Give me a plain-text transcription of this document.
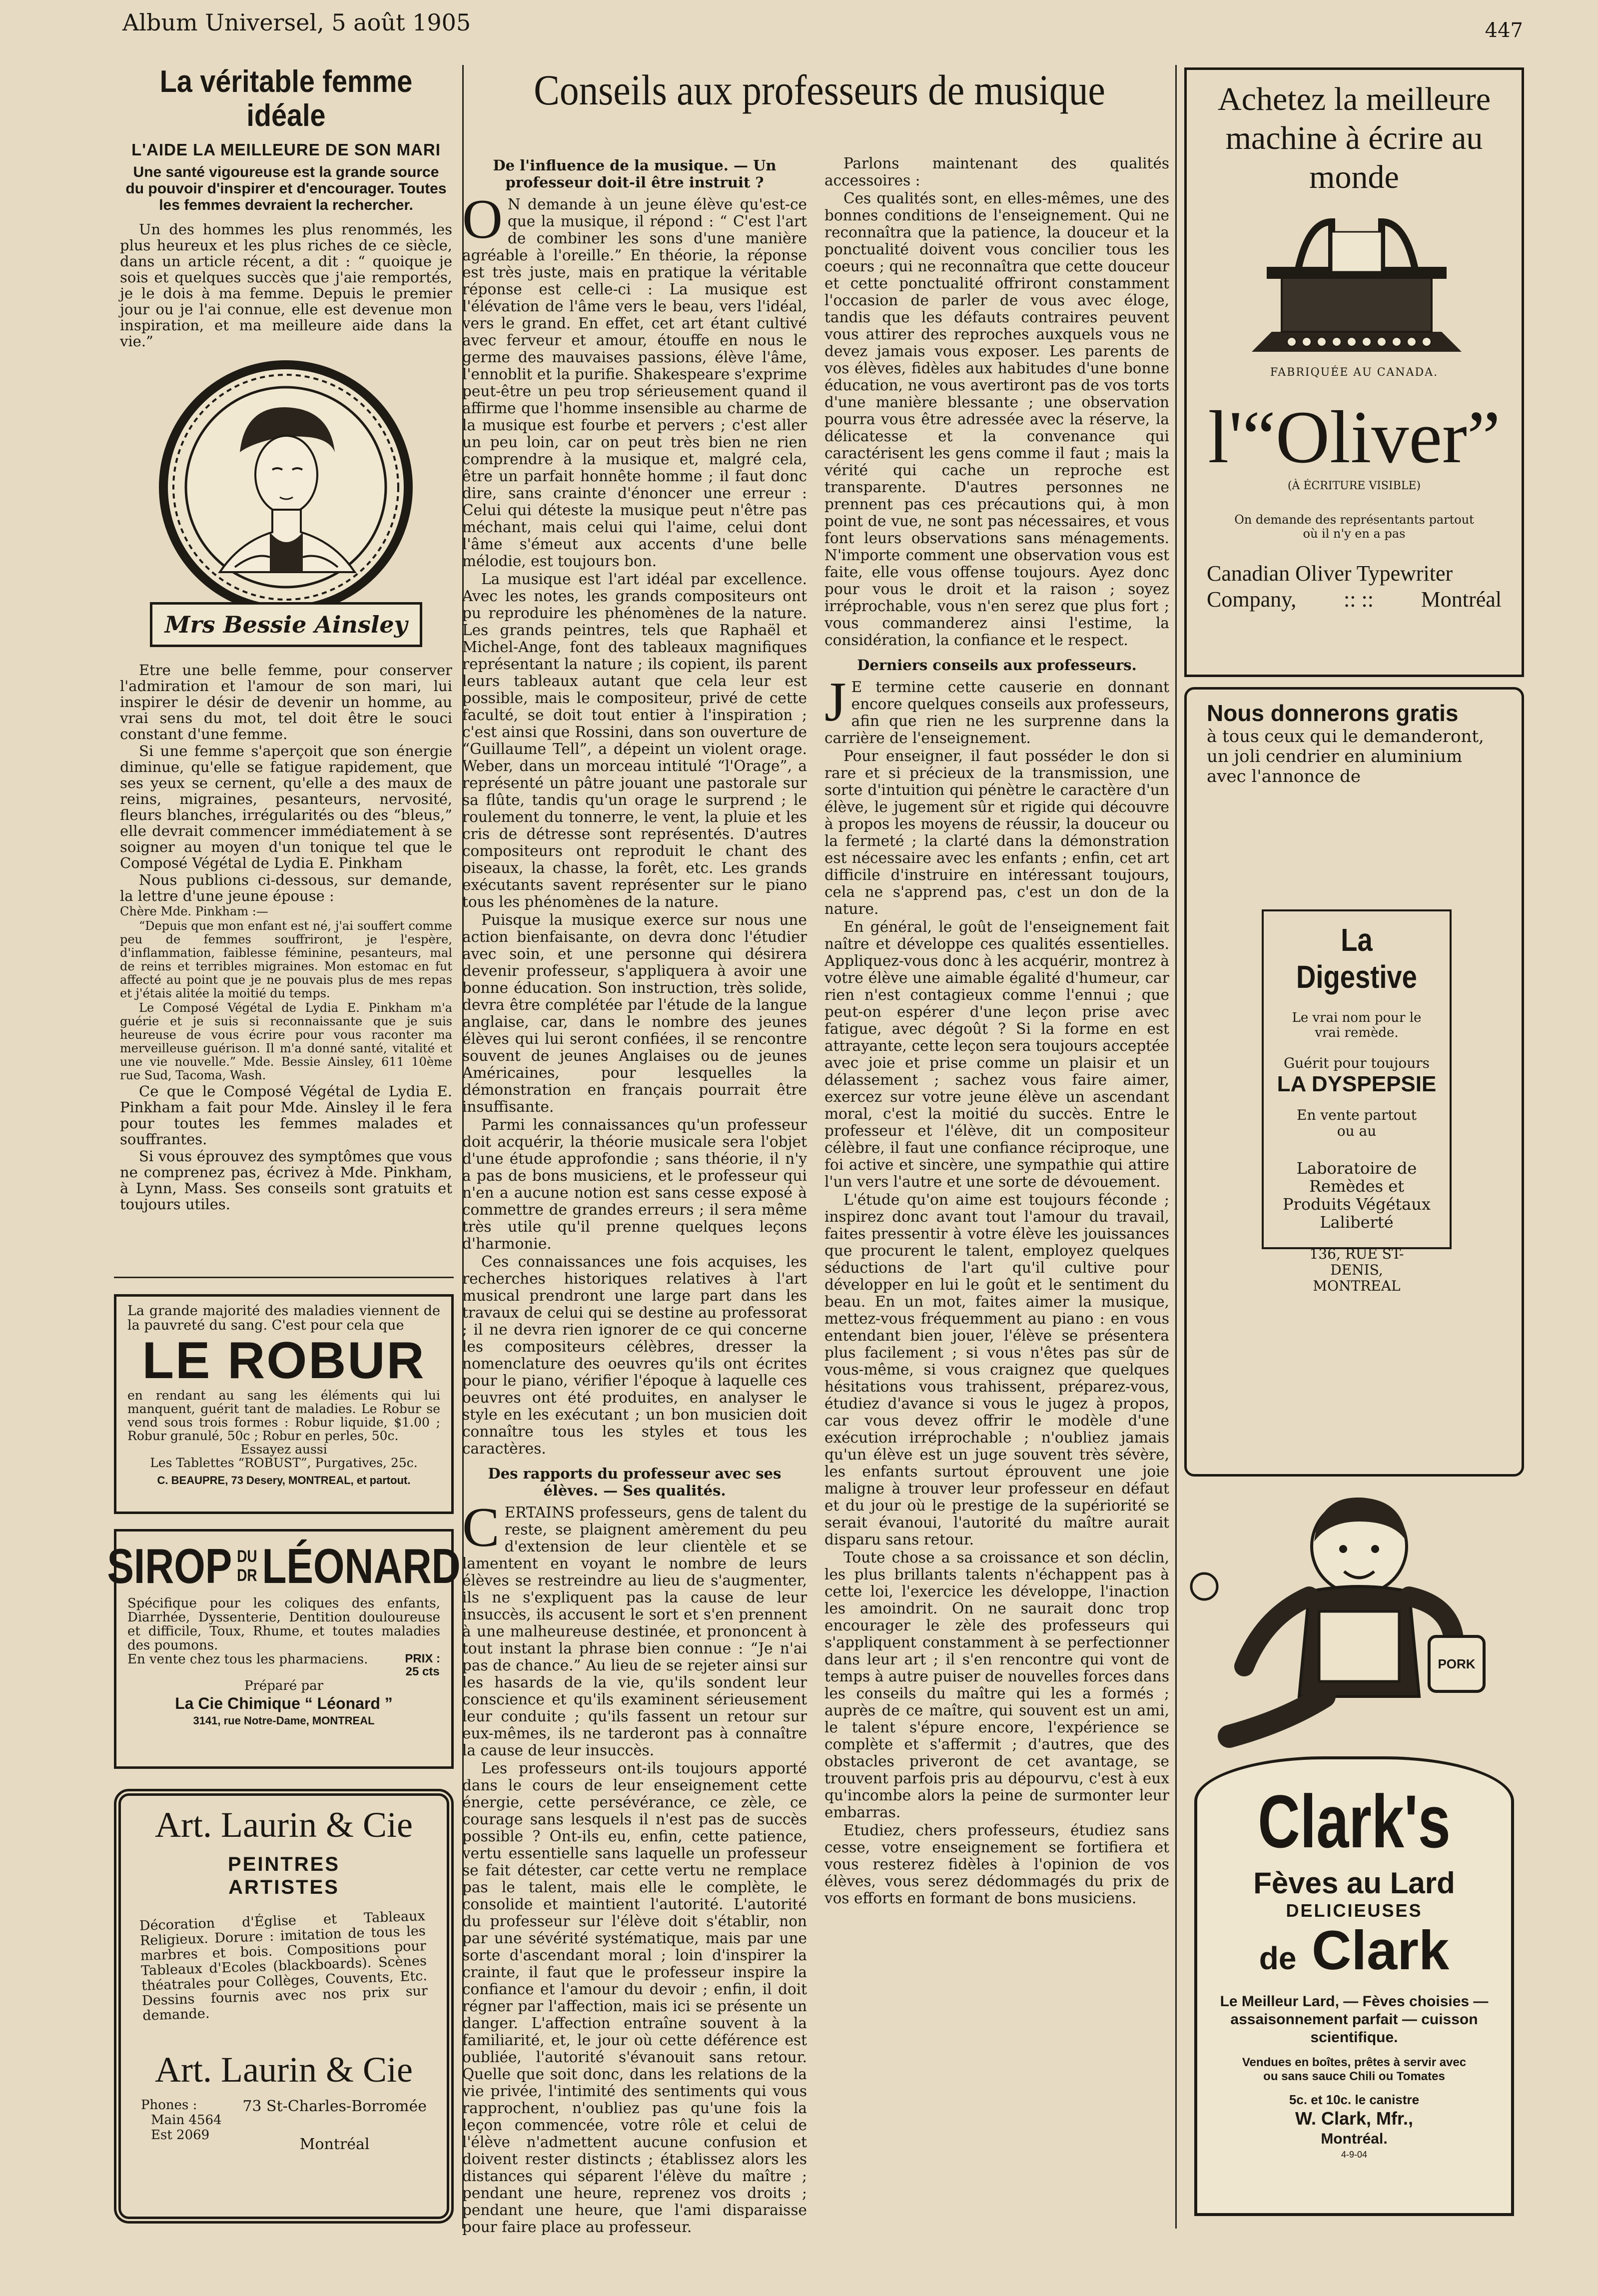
Album Universel, 5 août 1905	447
La véritable femme idéale
L'AIDE LA MEILLEURE DE SON MARI
Une santé vigoureuse est la grande source du pouvoir d'inspirer et d'encourager. Toutes les femmes devraient la rechercher.

Un des hommes les plus renommés, les plus heureux et les plus riches de ce siècle, dans un article récent, a dit : “ quoique je sois et quelques succès que j'aie remportés, je le dois à ma femme. Depuis le premier jour ou je l'ai connue, elle est devenue mon inspiration, et ma meilleure aide dans la vie.”

Mrs Bessie Ainsley

Etre une belle femme, pour conserver l'admiration et l'amour de son mari, lui inspirer le désir de devenir un homme, au vrai sens du mot, tel doit être le souci constant d'une femme.

Si une femme s'aperçoit que son énergie diminue, qu'elle se fatigue rapidement, que ses yeux se cernent, qu'elle a des maux de reins, migraines, pesanteurs, nervosité, fleurs blanches, irrégularités ou des “bleus,” elle devrait commencer immédiatement à se soigner au moyen d'un tonique tel que le Composé Végétal de Lydia E. Pinkham

Nous publions ci-dessous, sur demande, la lettre d'une jeune épouse :

Chère Mde. Pinkham :—

“Depuis que mon enfant est né, j'ai souffert comme peu de femmes souffriront, je l'espère, d'inflammation, faiblesse féminine, pesanteurs, mal de reins et terribles migraines. Mon estomac en fut affecté au point que je ne pouvais plus de mes repas et j'étais alitée la moitié du temps.

Le Composé Végétal de Lydia E. Pinkham m'a guérie et je suis si reconnaissante que je suis heureuse de vous écrire pour vous raconter ma merveilleuse guérison. Il m'a donné santé, vitalité et une vie nouvelle.” Mde. Bessie Ainsley, 611 10ème rue Sud, Tacoma, Wash.

Ce que le Composé Végétal de Lydia E. Pinkham a fait pour Mde. Ainsley il le fera pour toutes les femmes malades et souffrantes.

Si vous éprouvez des symptômes que vous ne comprenez pas, écrivez à Mde. Pinkham, à Lynn, Mass. Ses conseils sont gratuits et toujours utiles.

La grande majorité des maladies viennent de la pauvreté du sang. C'est pour cela que
LE ROBUR
en rendant au sang les éléments qui lui manquent, guérit tant de maladies. Le Robur se vend sous trois formes : Robur liquide, $1.00 ; Robur granulé, 50c ; Robur en perles, 50c.
Essayez aussi
Les Tablettes “ROBUST”, Purgatives, 25c.
C. BEAUPRE, 73 Desery, MONTREAL, et partout.
SIROP DU
DR LÉONARD
Spécifique pour les coliques des enfants, Diarrhée, Dyssenterie, Dentition douloureuse et difficile, Toux, Rhume, et toutes maladies des poumons.
En vente chez tous les pharmaciens.	PRIX :
25 cts
Préparé par
La Cie Chimique “ Léonard ”
3141, rue Notre-Dame, MONTREAL
Art. Laurin & Cie
PEINTRES ARTISTES
Décoration d'Église et Tableaux Religieux. Dorure : imitation de tous les marbres et bois. Compositions pour Tableaux d'Ecoles (blackboards). Scènes théatrales pour Collèges, Couvents, Etc. Dessins fournis avec nos prix sur demande.
Art. Laurin & Cie
Phones :
Main 4564
Est 2069
73 St-Charles-Borromée
Montréal
Conseils aux professeurs de musique
De l'influence de la musique. — Un professeur doit-il être instruit ?

O N demande à un jeune élève qu'est-ce que la musique, il répond : “ C'est l'art de combiner les sons d'une manière agréable à l'oreille.” En théorie, la réponse est très juste, mais en pratique la véritable réponse est celle-ci : La musique est l'élévation de l'âme vers le beau, vers l'idéal, vers le grand. En effet, cet art étant cultivé avec ferveur et amour, étouffe en nous le germe des mauvaises passions, élève l'âme, l'ennoblit et la purifie. Shakespeare s'exprime peut-être un peu trop sérieusement quand il affirme que l'homme insensible au charme de la musique est fourbe et pervers ; c'est aller un peu loin, car on peut très bien ne rien comprendre à la musique et, malgré cela, être un parfait honnête homme ; il faut donc dire, sans crainte d'énoncer une erreur : Celui qui déteste la musique peut n'être pas méchant, mais celui qui l'aime, celui dont l'âme s'émeut aux accents d'une belle mélodie, est toujours bon.

La musique est l'art idéal par excellence. Avec les notes, les grands compositeurs ont pu reproduire les phénomènes de la nature. Les grands peintres, tels que Raphaël et Michel-Ange, font des tableaux magnifiques représentant la nature ; ils copient, ils parent leurs tableaux autant que cela leur est possible, mais le compositeur, privé de cette faculté, se doit tout entier à l'inspiration ; c'est ainsi que Rossini, dans son ouverture de “Guillaume Tell”, a dépeint un violent orage. Weber, dans un morceau intitulé “l'Orage”, a représenté un pâtre jouant une pastorale sur sa flûte, tandis qu'un orage le surprend ; le roulement du tonnerre, le vent, la pluie et les cris de détresse sont représentés. D'autres compositeurs ont reproduit le chant des oiseaux, la chasse, la forêt, etc. Les grands exécutants savent représenter sur le piano tous les phénomènes de la nature.

Puisque la musique exerce sur nous une action bienfaisante, on devra donc l'étudier avec soin, et une personne qui désirera devenir professeur, s'appliquera à avoir une bonne éducation. Son instruction, très solide, devra être complétée par l'étude de la langue anglaise, car, dans le nombre des jeunes élèves qui lui seront confiées, il se rencontre souvent de jeunes Anglaises ou de jeunes Américaines, pour lesquelles la démonstration en français pourrait être insuffisante.

Parmi les connaissances qu'un professeur doit acquérir, la théorie musicale sera l'objet d'une étude approfondie ; sans théorie, il n'y a pas de bons musiciens, et le professeur qui n'en a aucune notion est sans cesse exposé à commettre de grandes erreurs ; il sera même très utile qu'il prenne quelques leçons d'harmonie.

Ces connaissances une fois acquises, les recherches historiques relatives à l'art musical prendront une large part dans les travaux de celui qui se destine au professorat ; il ne devra rien ignorer de ce qui concerne les compositeurs célèbres, dresser la nomenclature des oeuvres qu'ils ont écrites pour le piano, vérifier l'époque à laquelle ces oeuvres ont été produites, en analyser le style en les exécutant ; un bon musicien doit connaître tous les styles et tous les caractères.

Des rapports du professeur avec ses élèves. — Ses qualités.

CERTAINS professeurs, gens de talent du reste, se plaignent amèrement du peu d'extension de leur clientèle et se lamentent en voyant le nombre de leurs élèves se restreindre au lieu de s'augmenter, ils ne s'expliquent pas la cause de leur insuccès, ils accusent le sort et s'en prennent à une malheureuse destinée, et prononcent à tout instant la phrase bien connue : “Je n'ai pas de chance.” Au lieu de se rejeter ainsi sur les hasards de la vie, qu'ils sondent leur conscience et qu'ils examinent sérieusement leur conduite ; qu'ils fassent un retour sur eux-mêmes, ils ne tarderont pas à connaître la cause de leur insuccès.

Les professeurs ont-ils toujours apporté dans le cours de leur enseignement cette énergie, cette persévérance, ce zèle, ce courage sans lesquels il n'est pas de succès possible ? Ont-ils eu, enfin, cette patience, vertu essentielle sans laquelle un professeur se fait détester, car cette vertu ne remplace pas le talent, mais elle le complète, le consolide et maintient l'autorité. L'autorité du professeur sur l'élève doit s'établir, non par une sévérité systématique, mais par une sorte d'ascendant moral ; loin d'inspirer la crainte, il faut que le professeur inspire la confiance et l'amour du devoir ; enfin, il doit régner par l'affection, mais ici se présente un danger. L'affection entraîne souvent à la familiarité, et, le jour où cette déférence est oubliée, l'autorité s'évanouit sans retour. Quelle que soit donc, dans les relations de la vie privée, l'intimité des sentiments qui vous rapprochent, n'oubliez pas qu'une fois la leçon commencée, votre rôle et celui de l'élève n'admettent aucune confusion et doivent rester distincts ; établissez alors les distances qui séparent l'élève du maître ; pendant une heure, reprenez vos droits ; pendant une heure, que l'ami disparaisse pour faire place au professeur.

Parlons maintenant des qualités accessoires :

Ces qualités sont, en elles-mêmes, une des bonnes conditions de l'enseignement. Qui ne reconnaîtra que la patience, la douceur et la ponctualité doivent vous concilier tous les coeurs ; qui ne reconnaîtra que cette douceur et cette ponctualité offriront constamment l'occasion de parler de vous avec éloge, tandis que les défauts contraires peuvent vous attirer des reproches auxquels vous ne devez jamais vous exposer. Les parents de vos élèves, fidèles aux habitudes d'une bonne éducation, ne vous avertiront pas de vos torts d'une manière blessante ; une observation pourra vous être adressée avec la réserve, la délicatesse et la convenance qui caractérisent les gens comme il faut ; mais la vérité qui cache un reproche est transparente. D'autres personnes ne prennent pas ces précautions qui, à mon point de vue, ne sont pas nécessaires, et vous font leurs observations sans ménagements. N'importe comment une observation vous est faite, elle vous offense toujours. Ayez donc pour vous le droit et la raison ; soyez irréprochable, vous n'en serez que plus fort ; vous commanderez ainsi l'estime, la considération, la confiance et le respect.

Derniers conseils aux professeurs.

J E termine cette causerie en donnant encore quelques conseils aux professeurs, afin que rien ne les surprenne dans la carrière de l'enseignement.

Pour enseigner, il faut posséder le don si rare et si précieux de la transmission, une sorte d'intuition qui pénètre le caractère d'un élève, le jugement sûr et rigide qui découvre à propos les moyens de réussir, la douceur ou la fermeté ; la clarté dans la démonstration est nécessaire avec les enfants ; enfin, cet art difficile d'instruire en intéressant toujours, cela ne s'apprend pas, c'est un don de la nature.

En général, le goût de l'enseignement fait naître et développe ces qualités essentielles. Appliquez-vous donc à les acquérir, montrez à votre élève une aimable égalité d'humeur, car rien n'est contagieux comme l'ennui ; que peut-on espérer d'une leçon prise avec fatigue, avec dégoût ? Si la forme en est attrayante, cette leçon sera toujours acceptée avec joie et prise comme un plaisir et un délassement ; sachez vous faire aimer, exercez sur votre jeune élève un ascendant moral, c'est la moitié du succès. Entre le professeur et l'élève, dit un compositeur célèbre, il faut une confiance réciproque, une foi active et sincère, une sympathie qui attire l'un vers l'autre et une sorte de dévouement.

L'étude qu'on aime est toujours féconde ; inspirez donc avant tout l'amour du travail, faites pressentir à votre élève les jouissances que procurent le talent, employez quelques séductions de l'art qu'il cultive pour développer en lui le goût et le sentiment du beau. En un mot, faites aimer la musique, mettez-vous fréquemment au piano : en vous entendant bien jouer, l'élève se présentera plus facilement ; si vous n'êtes pas sûr de vous-même, si vous craignez que quelques hésitations vous trahissent, préparez-vous, étudiez d'avance si vous le jugez à propos, car vous devez offrir le modèle d'une exécution irréprochable ; n'oubliez jamais qu'un élève est un juge souvent très sévère, les enfants surtout éprouvent une joie maligne à trouver leur professeur en défaut et du jour où le prestige de la supériorité se serait évanoui, l'autorité du maître aurait disparu sans retour.

Toute chose a sa croissance et son déclin, les plus brillants talents n'échappent pas à cette loi, l'exercice les développe, l'inaction les amoindrit. On ne saurait donc trop encourager le zèle des professeurs qui s'appliquent constamment à se perfectionner dans leur art ; il s'en rencontre qui vont de temps à autre puiser de nouvelles forces dans les conseils du maître qui les a formés ; auprès de ce maître, qui souvent est un ami, le talent s'épure encore, l'expérience se complète et s'affermit ; d'autres, que des obstacles priveront de cet avantage, se trouvent parfois pris au dépourvu, c'est à eux qu'incombe alors la peine de surmonter leur embarras.

Etudiez, chers professeurs, étudiez sans cesse, votre enseignement se fortifiera et vous resterez fidèles à l'opinion de vos élèves, vous serez dédommagés du prix de vos efforts en formant de bons musiciens.

Achetez la meilleure machine à écrire au monde
FABRIQUÉE AU CANADA.
l'“Oliver”
(À ÉCRITURE VISIBLE)
On demande des représentants partout où il n'y en a pas
Canadian Oliver Typewriter
Company, :: :: Montréal
Nous donnerons gratis
à tous ceux qui le demanderont, un joli cendrier en aluminium avec l'annonce de
La Digestive
Le vrai nom pour le vrai remède.
Guérit pour toujours
LA DYSPEPSIE
En vente partout ou au
Laboratoire de Remèdes et Produits Végétaux Laliberté
136, RUE ST-DENIS, MONTREAL
PORK
Clark's
Fèves au Lard
DELICIEUSES
de Clark
Le Meilleur Lard, — Fèves choisies — assaisonnement parfait — cuisson scientifique.
Vendues en boîtes, prêtes à servir avec ou sans sauce Chili ou Tomates
5c. et 10c. le canistre
W. Clark, Mfr.,
Montréal.
4-9-04
